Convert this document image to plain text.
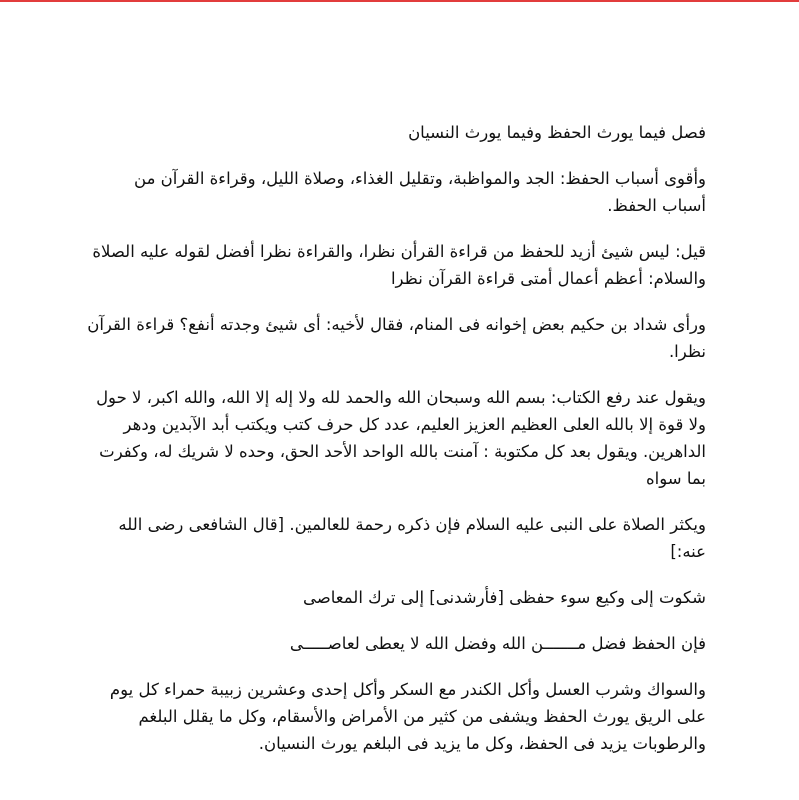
فصل فيما يورث الحفظ وفيما يورث النسيان

وأقوى أسباب الحفظ: الجد والمواظبة، وتقليل الغذاء، وصلاة الليل، وقراءة القرآن من أسباب الحفظ.

قيل: ليس شيئ أزيد للحفظ من قراءة القرأن نظرا، والقراءة نظرا أفضل لقوله عليه الصلاة والسلام: أعظم أعمال أمتى قراءة القرآن نظرا

ورأى شداد بن حكيم بعض إخوانه فى المنام، فقال لأخيه: أى شيئ وجدته أنفع؟ قراءة القرآن نظرا.

ويقول عند رفع الكتاب: بسم الله وسبحان الله والحمد لله ولا إله إلا الله، والله اكبر، لا حول ولا قوة إلا بالله العلى العظيم العزيز العليم، عدد كل حرف كتب ويكتب أبد الآبدين ودهر الداهرين. ويقول بعد كل مكتوبة : آمنت بالله الواحد الأحد الحق، وحده لا شريك له، وكفرت بما سواه

ويكثر الصلاة على النبى عليه السلام فإن ذكره رحمة للعالمين. [قال الشافعى رضى الله عنه:]

شكوت إلى وكيع سوء حفظى [فأرشدنى] إلى ترك المعاصى

فإن الحفظ فضل مـــــــن الله وفضل الله لا يعطى لعاصـــــى

والسواك وشرب العسل وأكل الكندر مع السكر وأكل إحدى وعشرين زبيبة حمراء كل يوم على الريق يورث الحفظ ويشفى من كثير من الأمراض والأسقام، وكل ما يقلل البلغم والرطوبات يزيد فى الحفظ، وكل ما يزيد فى البلغم يورث النسيان.
